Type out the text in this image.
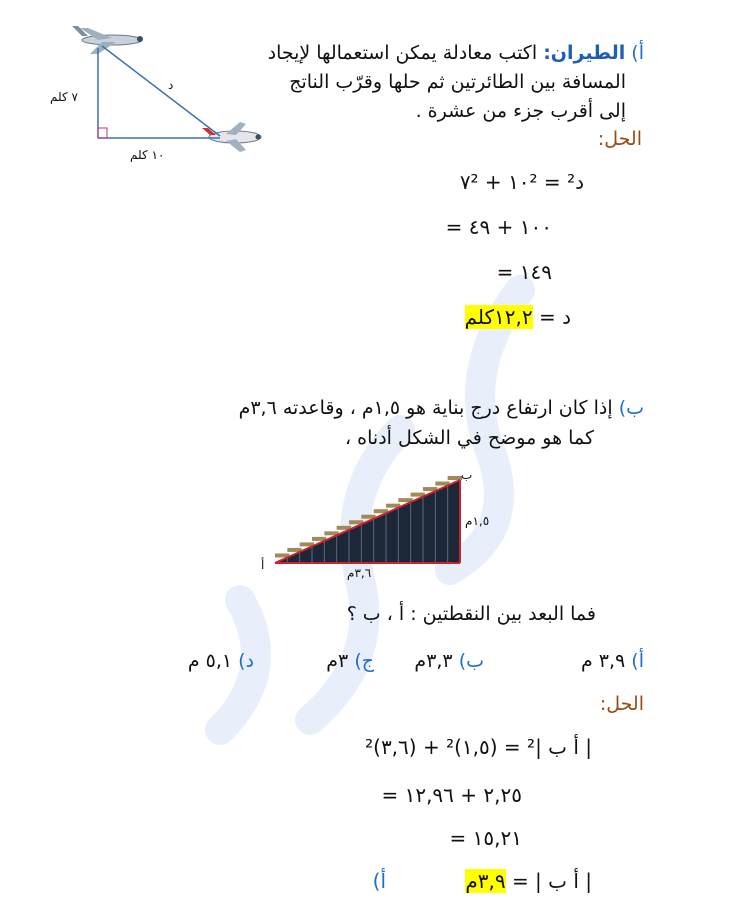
٧ كلم
١٠ كلم
د
أ) الطيران: اكتب معادلة يمكن استعمالها لإيجاد
المسافة بين الطائرتين ثم حلها وقرّب الناتج
إلى أقرب جزء من عشرة .
الحل:
د² = ١٠² + ٧²
= ١٠٠ + ٤٩
= ١٤٩
د = ١٢,٢كلم
ب) إذا كان ارتفاع درج بناية هو ١,٥م ، وقاعدته ٣,٦م
كما هو موضح في الشكل أدناه ،
أ
ب
١,٥م
٣,٦م
فما البعد بين النقطتين : أ ، ب ؟
أ) ٣,٩ م
ب) ٣,٣م
ج) ٣م
د) ٥,١ م
الحل:
| أ ب |² = (١,٥)² + (٣,٦)²
= ٢,٢٥ + ١٢,٩٦
= ١٥,٢١
| أ ب | = ٣,٩م
أ)
